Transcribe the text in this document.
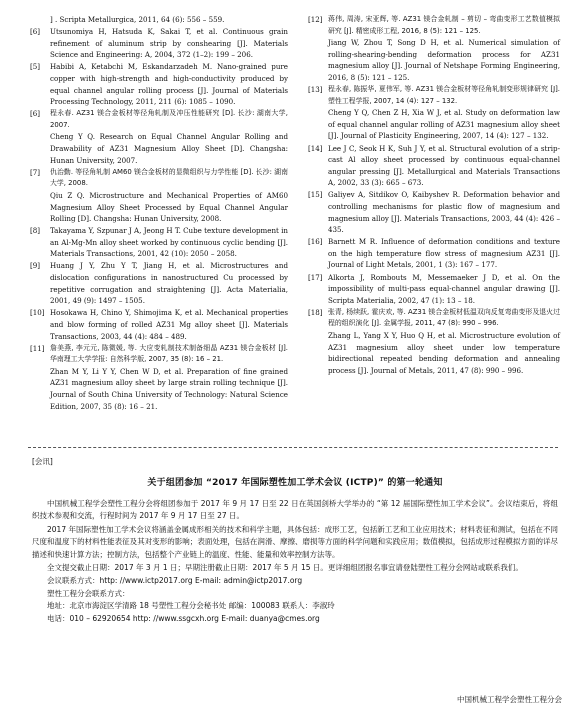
] . Scripta Metallurgica, 2011, 64 (6): 556 – 559.

[6]	Utsunomiya H, Hatsuda K, Sakai T, et al. Continuous grain refinement of aluminum strip by conshearing [J]. Materials Science and Engineering: A, 2004, 372 (1–2): 199 – 206.

[5]	Habibi A, Ketabchi M, Eskandarzadeh M. Nano-grained pure copper with high-strength and high-conductivity produced by equal channel angular rolling process [J]. Journal of Materials Processing Technology, 2011, 211 (6): 1085 – 1090.

[6]	程永春. AZ31 镁合金板材等径角轧制及冲压性能研究 [D]. 长沙: 湖南大学, 2007.

Cheng Y Q. Research on Equal Channel Angular Rolling and Drawability of AZ31 Magnesium Alloy Sheet [D]. Changsha: Hunan University, 2007.

[7]	仇治勤. 等径角轧制 AM60 镁合金板材的显微组织与力学性能 [D]. 长沙: 湖南大学, 2008.

Qiu Z Q. Microstructure and Mechanical Properties of AM60 Magnesium Alloy Sheet Processed by Equal Channel Angular Rolling [D]. Changsha: Hunan University, 2008.

[8]	Takayama Y, Szpunar J A, Jeong H T. Cube texture development in an Al-Mg-Mn alloy sheet worked by continuous cyclic bending [J]. Materials Transactions, 2001, 42 (10): 2050 – 2058.

[9]	Huang J Y, Zhu Y T, Jiang H, et al. Microstructures and dislocation configurations in nanostructured Cu processed by repetitive corrugation and straightening [J]. Acta Materialia, 2001, 49 (9): 1497 – 1505.

[10] Hosokawa H, Chino Y, Shimojima K, et al. Mechanical properties and blow forming of rolled AZ31 Mg alloy sheet [J]. Materials Transactions, 2003, 44 (4): 484 – 489.

[11] 詹美燕, 李元元, 陈微媛, 等. 大应变轧制技术制备细晶 AZ31 镁合金板材 [J]. 华南理工大学学报: 自然科学版, 2007, 35 (8): 16 – 21.

Zhan M Y, Li Y Y, Chen W D, et al. Preparation of fine grained AZ31 magnesium alloy sheet by large strain rolling technique [J]. Journal of South China University of Technology: Natural Science Edition, 2007, 35 (8): 16 – 21.

[12] 蒋伟, 周涛, 宋亚辉, 等. AZ31 镁合金轧制 – 剪切 – 弯曲变形工艺数值模拟研究 [J]. 精密成形工程, 2016, 8 (5): 121 – 125.

Jiang W, Zhou T, Song D H, et al. Numerical simulation of rolling-shearing-bending deformation process for AZ31 magnesium alloy [J]. Journal of Netshape Forming Engineering, 2016, 8 (5): 121 – 125.

[13] 程永春, 陈振华, 夏伟军, 等. AZ31 镁合金板材等径角轧制变形规律研究 [J]. 塑性工程学报, 2007, 14 (4): 127 – 132.

Cheng Y Q, Chen Z H, Xia W J, et al. Study on deformation law of equal channel angular rolling of AZ31 magnesium alloy sheet [J]. Journal of Plasticity Engineering, 2007, 14 (4): 127 – 132.

[14] Lee J C, Seok H K, Suh J Y, et al. Structural evolution of a strip-cast Al alloy sheet processed by continuous equal-channel angular pressing [J]. Metallurgical and Materials Transactions A, 2002, 33 (3): 665 – 673.

[15] Galiyev A, Sitdikov O, Kaibyshev R. Deformation behavior and controlling mechanisms for plastic flow of magnesium and magnesium alloy [J]. Materials Transactions, 2003, 44 (4): 426 – 435.

[16] Barnett M R. Influence of deformation conditions and texture on the high temperature flow stress of magnesium AZ31 [J]. Journal of Light Metals, 2001, 1 (3): 167 – 177.

[17] Alkorta J, Rombouts M, Messemaeker J D, et al. On the impossibility of multi-pass equal-channel angular drawing [J]. Scripta Materialia, 2002, 47 (1): 13 – 18.

[18] 张青, 杨续跃, 霍庆欢, 等. AZ31 镁合金板材低温双向反复弯曲变形及退火过程的组织演化 [J]. 金属学报, 2011, 47 (8): 990 – 996.

Zhang L, Yang X Y, Huo Q H, et al. Microstructure evolution of AZ31 magnesium alloy sheet under low temperature bidirectional repeated bending deformation and annealing process [J]. Journal of Metals, 2011, 47 (8): 990 – 996.

[会讯]
关于组团参加 “2017 年国际塑性加工学术会议 (ICTP)” 的第一轮通知

中国机械工程学会塑性工程分会将组团参加于 2017 年 9 月 17 日至 22 日在英国剑桥大学举办的 “第 12 届国际塑性加工学术会议”。会议结束后，将组织技术参观和交流，行程时间为 2017 年 9 月 17 日至 27 日。

2017 年国际塑性加工学术会议将涵盖金属成形相关的技术和科学主题，具体包括：成形工艺，包括新工艺和工业应用技术；材料表征和测试，包括在不同尺度和温度下的材料性能表征及其对变形的影响；表面处理，包括在润滑、摩擦、磨损等方面的科学问题和实践应用；数值模拟，包括成形过程模拟方面的详尽描述和快速计算方法；控制方法，包括整个产业链上的温度、性能、能量和效率控制方法等。

全文提交截止日期：2017 年 3 月 1 日；早期注册截止日期：2017 年 5 月 15 日。更详细组团报名事宜请登陆塑性工程分会网站或联系我们。

会议联系方式：http: //www.ictp2017.org E-mail: admin@ictp2017.org

塑性工程分会联系方式：

地址：北京市海淀区学清路 18 号塑性工程分会秘书处 邮编：100083 联系人：李淑玲

电话：010 – 62920654 http: //www.ssgcxh.org E-mail: duanya@cmes.org

中国机械工程学会塑性工程分会
